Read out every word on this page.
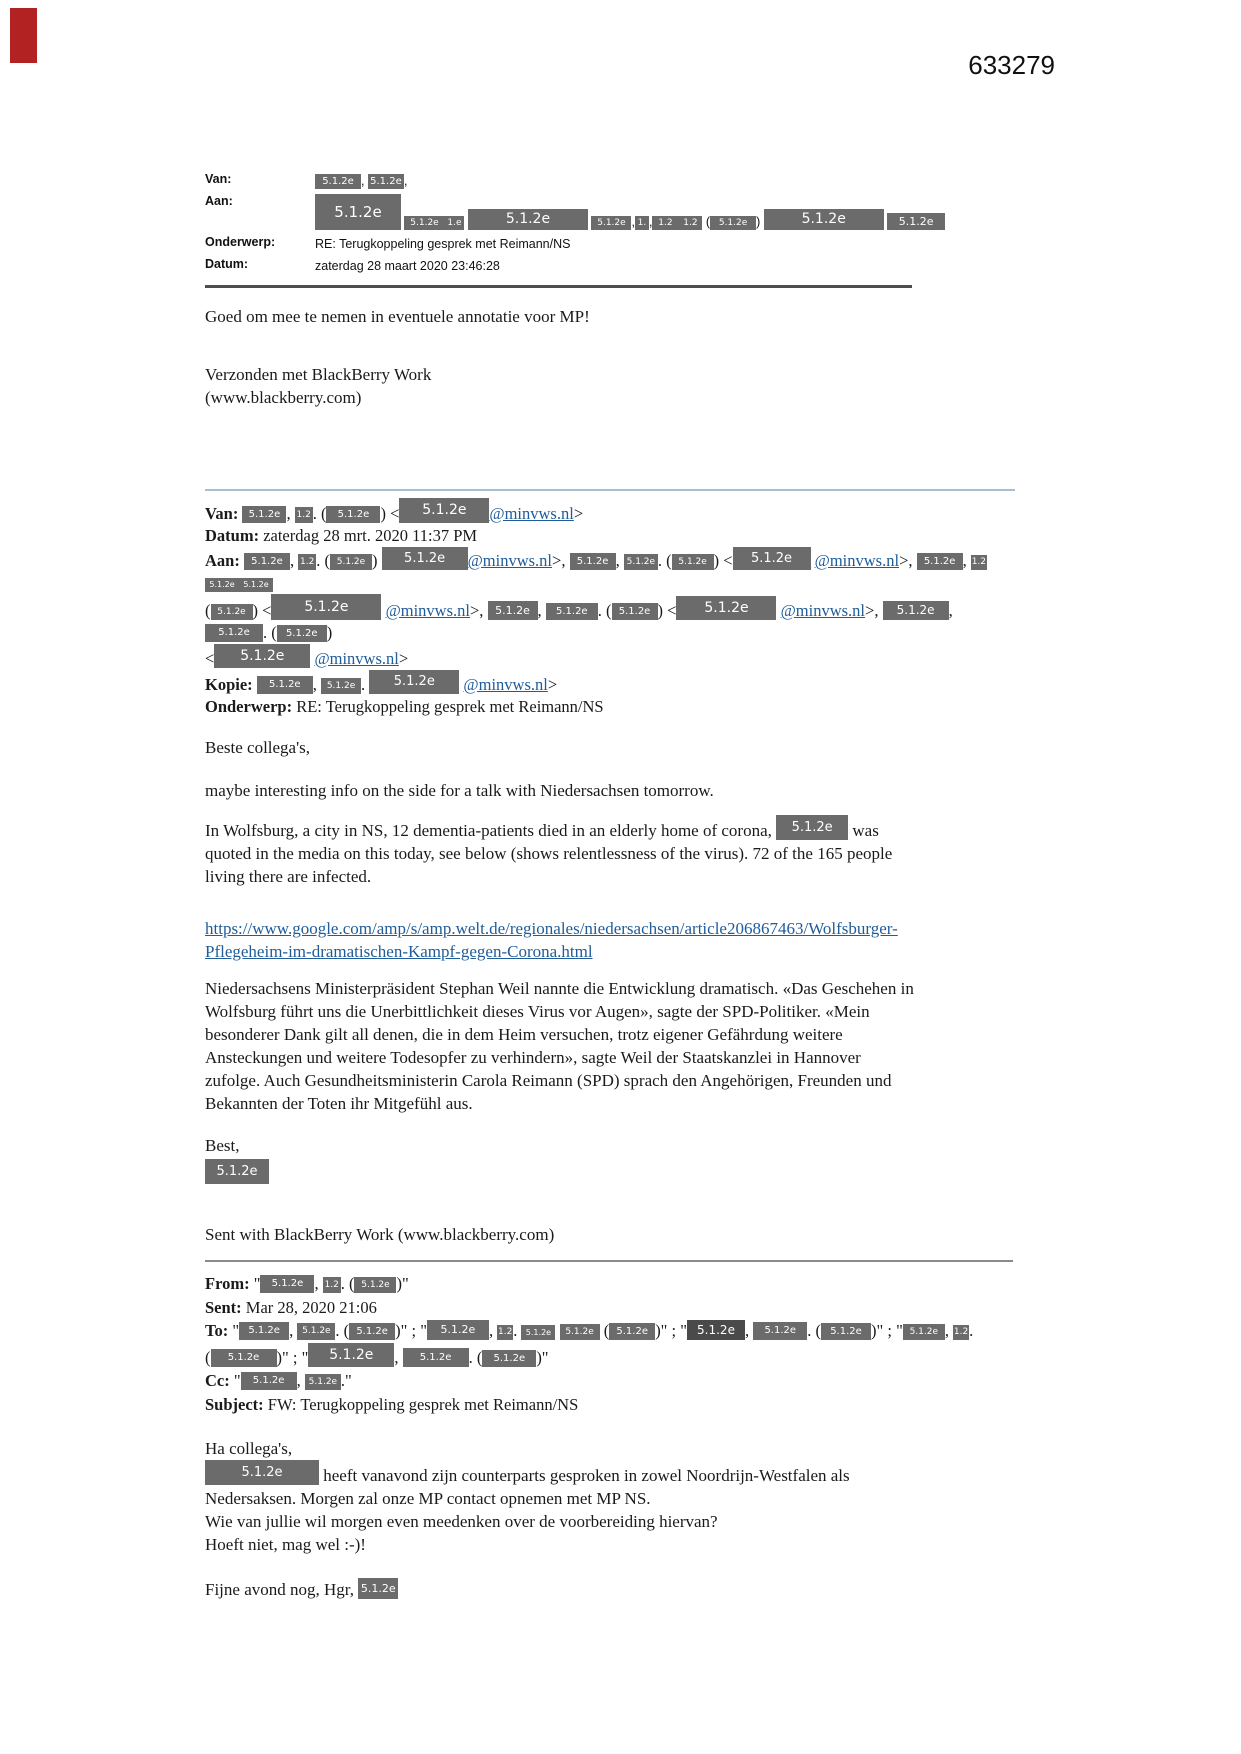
633279
Van:	5.1.2e , 5.1.2e ,
Aan:
5.1.2e 5.1.2e 1.e	5.1.2e	5.1.2e , 1. , 1.2 1.2 ( 5.1.2e )	5.1.2e	5.1.2e
Onderwerp:	RE: Terugkoppeling gesprek met Reimann/NS
Datum:	zaterdag 28 maart 2020 23:46:28
Goed om mee te nemen in eventuele annotatie voor MP!
Verzonden met BlackBerry Work
(www.blackberry.com)
Van: 5.1.2e , 1.2 . ( 5.1.2e ) < 5.1.2e @minvws.nl>
Datum: zaterdag 28 mrt. 2020 11:37 PM
Aan: 5.1.2e , 1.2 . ( 5.1.2e ) 5.1.2e @minvws.nl>, 5.1.2e , 5.1.2e . ( 5.1.2e ) < 5.1.2e @minvws.nl>, 5.1.2e , 1.2 5.1.2e 5.1.2e
( 5.1.2e ) < 5.1.2e @minvws.nl>, 5.1.2e , 5.1.2e . ( 5.1.2e ) < 5.1.2e @minvws.nl>, 5.1.2e , 5.1.2e . ( 5.1.2e )
< 5.1.2e @minvws.nl>
Kopie: 5.1.2e , 5.1.2e . 5.1.2e @minvws.nl>
Onderwerp: RE: Terugkoppeling gesprek met Reimann/NS
Beste collega's,
maybe interesting info on the side for a talk with Niedersachsen tomorrow.
In Wolfsburg, a city in NS, 12 dementia-patients died in an elderly home of corona, 5.1.2e was quoted in the media on this today, see below (shows relentlessness of the virus). 72 of the 165 people living there are infected.
https://www.google.com/amp/s/amp.welt.de/regionales/niedersachsen/article206867463/Wolfsburger-
Pflegeheim-im-dramatischen-Kampf-gegen-Corona.html
Niedersachsens Ministerpräsident Stephan Weil nannte die Entwicklung dramatisch. «Das Geschehen in Wolfsburg führt uns die Unerbittlichkeit dieses Virus vor Augen», sagte der SPD-Politiker. «Mein besonderer Dank gilt all denen, die in dem Heim versuchen, trotz eigener Gefährdung weitere Ansteckungen und weitere Todesopfer zu verhindern», sagte Weil der Staatskanzlei in Hannover zufolge. Auch Gesundheitsministerin Carola Reimann (SPD) sprach den Angehörigen, Freunden und Bekannten der Toten ihr Mitgefühl aus.
Best,
5.1.2e
Sent with BlackBerry Work (www.blackberry.com)
From: " 5.1.2e , 1.2 . ( 5.1.2e )"
Sent: Mar 28, 2020 21:06
To: " 5.1.2e , 5.1.2e . ( 5.1.2e )" ; " 5.1.2e , 1.2. 5.1.2e 5.1.2e ( 5.1.2e )" ; " 5.1.2e , 5.1.2e . ( 5.1.2e )" ; " 5.1.2e , 1.2.
( 5.1.2e )" ; " 5.1.2e , 5.1.2e . ( 5.1.2e )"
Cc: " 5.1.2e , 5.1.2e ."
Subject: FW: Terugkoppeling gesprek met Reimann/NS
Ha collega's,
5.1.2e heeft vanavond zijn counterparts gesproken in zowel Noordrijn-Westfalen als
Nedersaksen. Morgen zal onze MP contact opnemen met MP NS.
Wie van jullie wil morgen even meedenken over de voorbereiding hiervan?
Hoeft niet, mag wel :-)!
Fijne avond nog, Hgr, 5.1.2e
